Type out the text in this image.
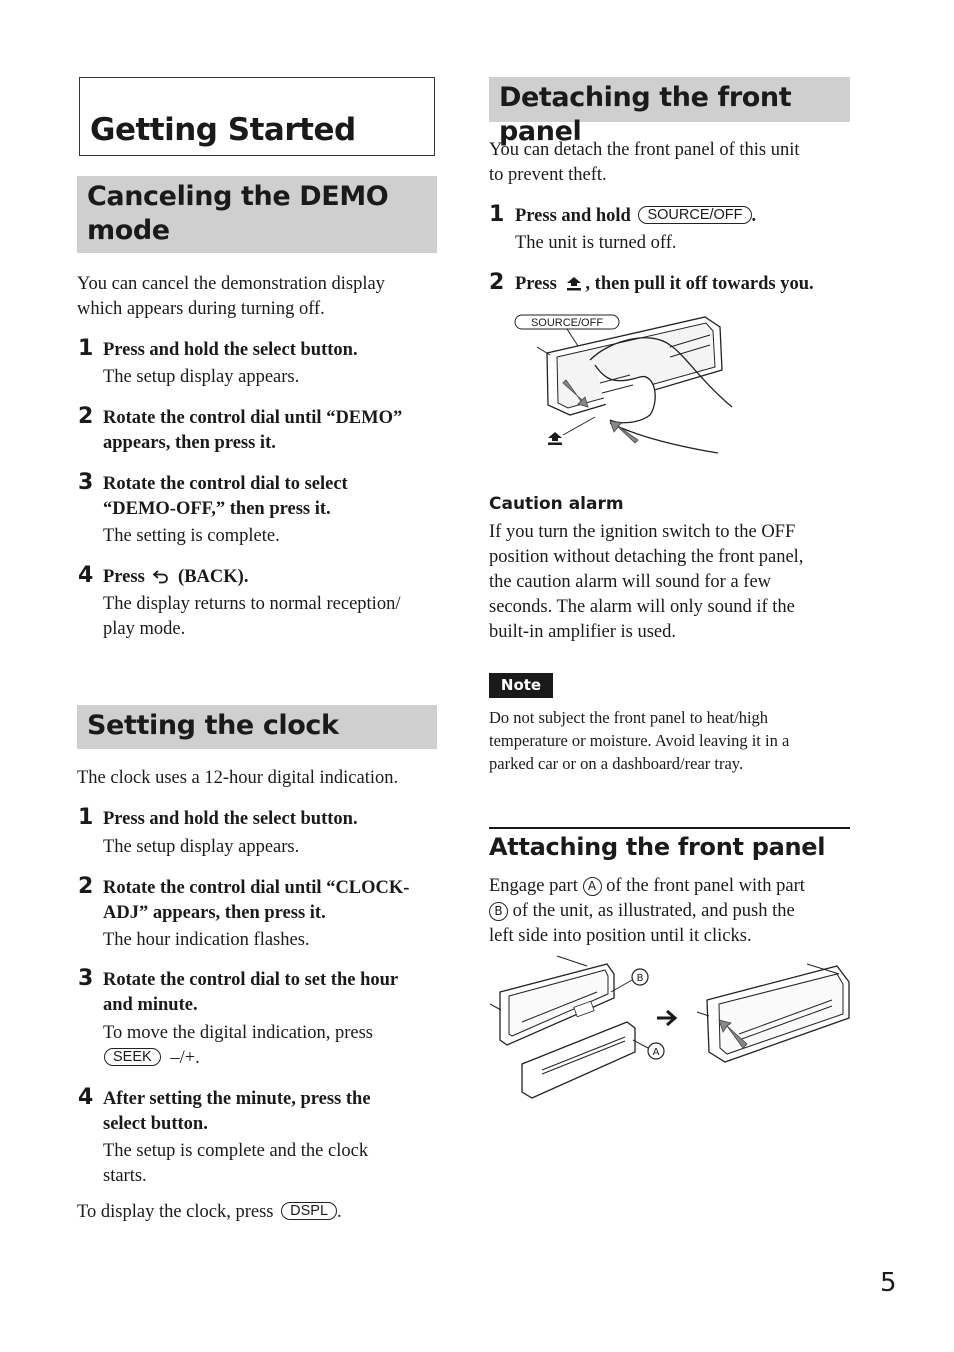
Getting Started
Canceling the DEMO
mode
You can cancel the demonstration display
which appears during turning off.
1 Press and hold the select button.
The setup display appears.
2 Rotate the control dial until “DEMO”
appears, then press it.
3 Rotate the control dial to select
“DEMO-OFF,” then press it.
The setting is complete.
4 Press (BACK).
The display returns to normal reception/
play mode.
Setting the clock
The clock uses a 12-hour digital indication.
1 Press and hold the select button.
The setup display appears.
2 Rotate the control dial until “CLOCK-
ADJ” appears, then press it.
The hour indication flashes.
3 Rotate the control dial to set the hour
and minute.
To move the digital indication, press
SEEK –/+.
4 After setting the minute, press the
select button.
The setup is complete and the clock
starts.
To display the clock, press DSPL .
Detaching the front panel
You can detach the front panel of this unit
to prevent theft.
1 Press and hold SOURCE/OFF .
The unit is turned off.
2 Press , then pull it off towards you.
SOURCE/OFF
Caution alarm
If you turn the ignition switch to the OFF
position without detaching the front panel,
the caution alarm will sound for a few
seconds. The alarm will only sound if the
built-in amplifier is used.
Note
Do not subject the front panel to heat/high
temperature or moisture. Avoid leaving it in a
parked car or on a dashboard/rear tray.
Attaching the front panel
Engage part A of the front panel with part
B of the unit, as illustrated, and push the
left side into position until it clicks.
B
A
5
